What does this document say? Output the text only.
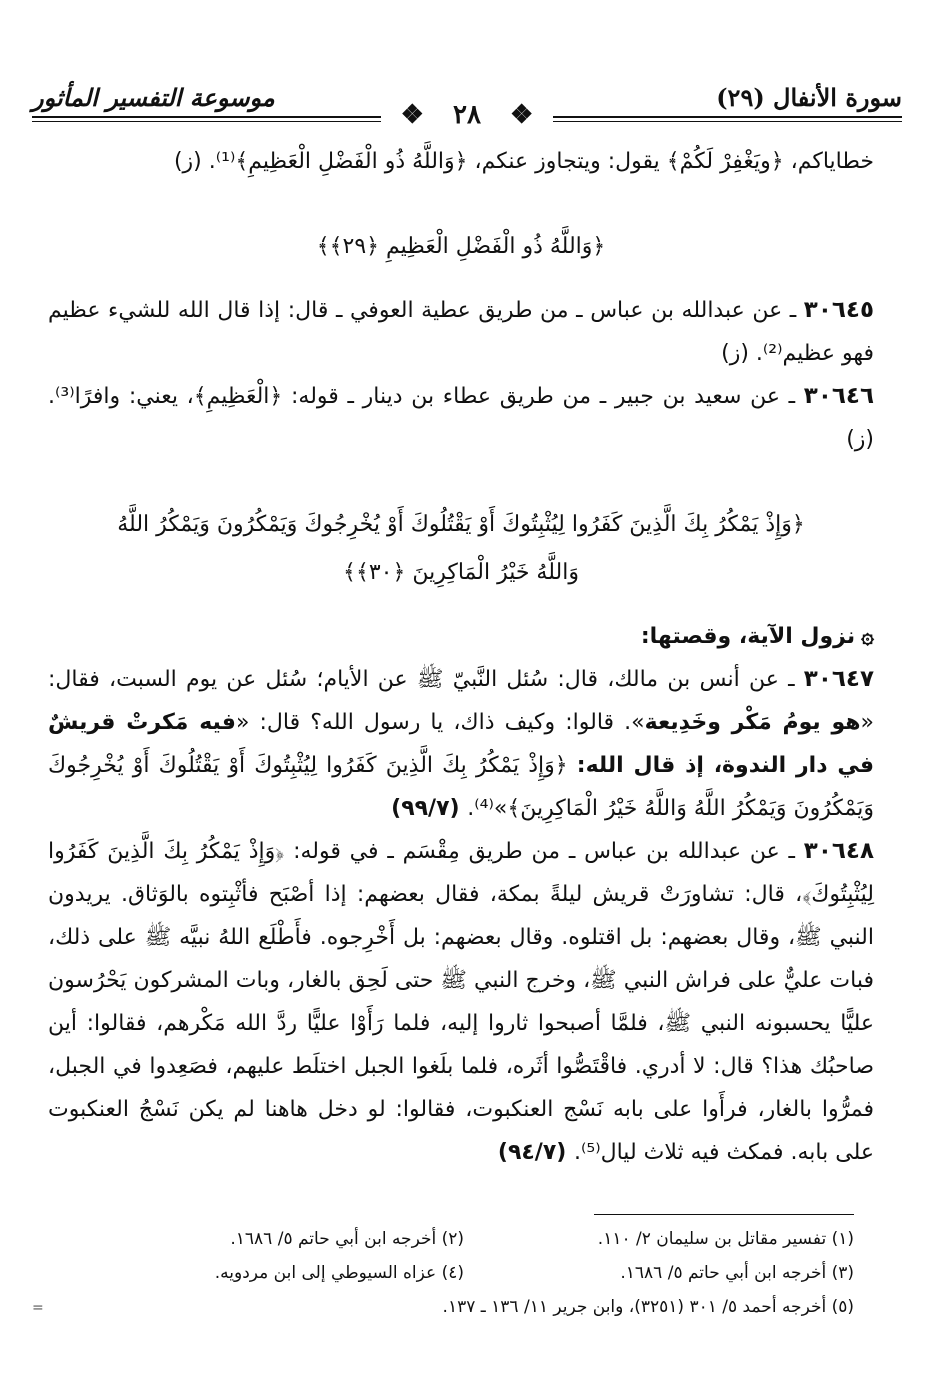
سورة الأنفال (٢٩)
موسوعة التفسير المأثور
❖ ٢٨ ❖

خطاياكم، ﴿ويَغْفِرْ لَكُمْ﴾ يقول: ويتجاوز عنكم، ﴿وَاللَّهُ ذُو الْفَضْلِ الْعَظِيمِ﴾⁽¹⁾. (ز)

﴿وَاللَّهُ ذُو الْفَضْلِ الْعَظِيمِ ﴿٢٩﴾﴾

٣٠٦٤٥ ـ عن عبدالله بن عباس ـ من طريق عطية العوفي ـ قال: إذا قال الله للشيء عظيم فهو عظيم⁽²⁾. (ز)

٣٠٦٤٦ ـ عن سعيد بن جبير ـ من طريق عطاء بن دينار ـ قوله: ﴿الْعَظِيمِ﴾، يعني: وافرًا⁽³⁾. (ز)

﴿وَإِذْ يَمْكُرُ بِكَ الَّذِينَ كَفَرُوا لِيُثْبِتُوكَ أَوْ يَقْتُلُوكَ أَوْ يُخْرِجُوكَ وَيَمْكُرُونَ وَيَمْكُرُ اللَّهُ

وَاللَّهُ خَيْرُ الْمَاكِرِينَ ﴿٣٠﴾﴾

۞نزول الآية، وقصتها:

٣٠٦٤٧ ـ عن أنس بن مالك، قال: سُئل النَّبيّ ﷺ عن الأيام؛ سُئل عن يوم السبت، فقال: «هو يومُ مَكْر وخَدِيعة». قالوا: وكيف ذاك، يا رسول الله؟ قال: «فيه مَكرتْ قريشٌ في دار الندوة، إذ قال الله: ﴿وَإِذْ يَمْكُرُ بِكَ الَّذِينَ كَفَرُوا لِيُثْبِتُوكَ أَوْ يَقْتُلُوكَ أَوْ يُخْرِجُوكَ وَيَمْكُرُونَ وَيَمْكُرُ اللَّهُ وَاللَّهُ خَيْرُ الْمَاكِرِينَ﴾»⁽⁴⁾. (٩٩/٧)

٣٠٦٤٨ ـ عن عبدالله بن عباس ـ من طريق مِقْسَم ـ في قوله: ﴿وَإِذْ يَمْكُرُ بِكَ الَّذِينَ كَفَرُوا لِيُثْبِتُوكَ﴾، قال: تشاورَتْ قريش ليلةً بمكة، فقال بعضهم: إذا أصْبَح فأثْبِتوه بالوَثاق. يريدون النبي ﷺ، وقال بعضهم: بل اقتلوه. وقال بعضهم: بل أَخْرِجوه. فأَطْلَع اللهُ نبيَّه ﷺ على ذلك، فبات عليٌّ على فراش النبي ﷺ، وخرج النبي ﷺ حتى لَحِق بالغار، وبات المشركون يَحْرُسون عليًّا يحسبونه النبي ﷺ، فلمَّا أصبحوا ثاروا إليه، فلما رَأَوْا عليًّا ردَّ الله مَكْرهم، فقالوا: أين صاحبُك هذا؟ قال: لا أدري. فاقْتَصُّوا أثَره، فلما بلَغوا الجبل اختلَط عليهم، فصَعِدوا في الجبل، فمرُّوا بالغار، فرأَوا على بابه نَسْج العنكبوت، فقالوا: لو دخل هاهنا لم يكن نَسْجُ العنكبوت على بابه. فمكث فيه ثلاث ليال⁽⁵⁾. (٩٤/٧)

(١) تفسير مقاتل بن سليمان ٢/ ١١٠.
(٢) أخرجه ابن أبي حاتم ٥/ ١٦٨٦.
(٣) أخرجه ابن أبي حاتم ٥/ ١٦٨٦.
(٤) عزاه السيوطي إلى ابن مردويه.
(٥) أخرجه أحمد ٥/ ٣٠١ (٣٢٥١)، وابن جرير ١١/ ١٣٦ ـ ١٣٧.
=
